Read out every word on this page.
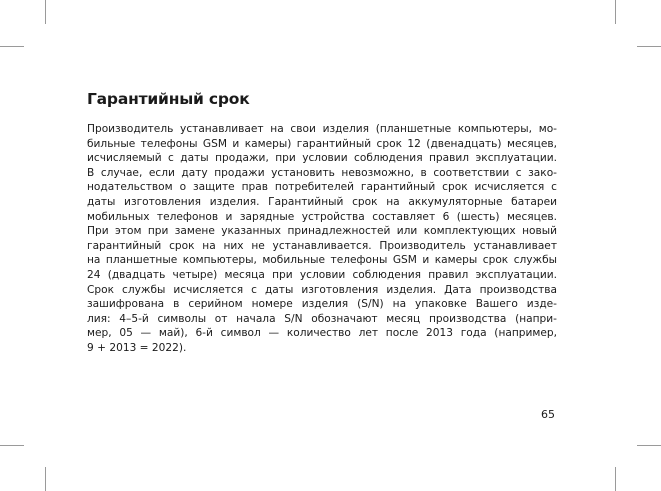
Гарантийный срок
Производитель устанавливает на свои изделия (планшетные компьютеры, мо-
бильные телефоны GSM и камеры) гарантийный срок 12 (двенадцать) месяцев,
исчисляемый с даты продажи, при условии соблюдения правил эксплуатации.
В случае, если дату продажи установить невозможно, в соответствии с зако-
нодательством о защите прав потребителей гарантийный срок исчисляется с
даты изготовления изделия. Гарантийный срок на аккумуляторные батареи
мобильных телефонов и зарядные устройства составляет 6 (шесть) месяцев.
При этом при замене указанных принадлежностей или комплектующих новый
гарантийный срок на них не устанавливается. Производитель устанавливает
на планшетные компьютеры, мобильные телефоны GSM и камеры срок службы
24 (двадцать четыре) месяца при условии соблюдения правил эксплуатации.
Срок службы исчисляется с даты изготовления изделия. Дата производства
зашифрована в серийном номере изделия (S/N) на упаковке Вашего изде-
лия: 4–5-й символы от начала S/N обозначают месяц производства (напри-
мер, 05 — май), 6-й символ — количество лет после 2013 года (например,
9 + 2013 = 2022).
65
